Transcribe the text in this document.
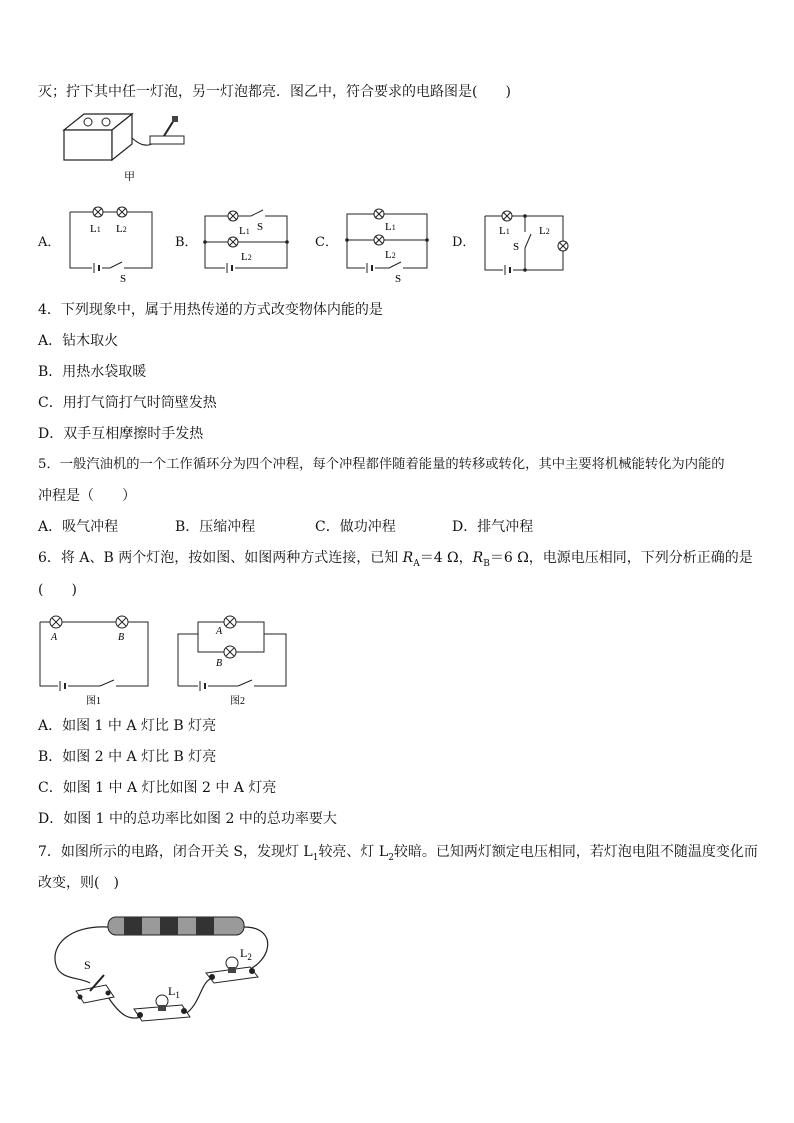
灭；拧下其中任一灯泡，另一灯泡都亮．图乙中，符合要求的电路图是(　　)
甲
A．
L1 L2
S
B．
L1 S
L2
C．
L1
L2
S
D．
L1
S
L2
4．下列现象中，属于用热传递的方式改变物体内能的是
A．钻木取火
B．用热水袋取暖
C．用打气筒打气时筒壁发热
D．双手互相摩擦时手发热
5．一般汽油机的一个工作循环分为四个冲程，每个冲程都伴随着能量的转移或转化，其中主要将机械能转化为内能的
冲程是（　　）
A．吸气冲程	B．压缩冲程	C．做功冲程	D．排气冲程
6．将 A、B 两个灯泡，按如图、如图两种方式连接，已知 $R_A=4$ Ω，$R_B=6$ Ω，电源电压相同，下列分析正确的是
(　　)
A	B
图1
A
B
图2
A．如图 1 中 A 灯比 B 灯亮
B．如图 2 中 A 灯比 B 灯亮
C．如图 1 中 A 灯比如图 2 中 A 灯亮
D．如图 1 中的总功率比如图 2 中的总功率要大
7．如图所示的电路，闭合开关 S，发现灯 $L_1$较亮、灯 $L_2$较暗。已知两灯额定电压相同，若灯泡电阻不随温度变化而
改变，则(　)
S
$L_1$
$L_2$
